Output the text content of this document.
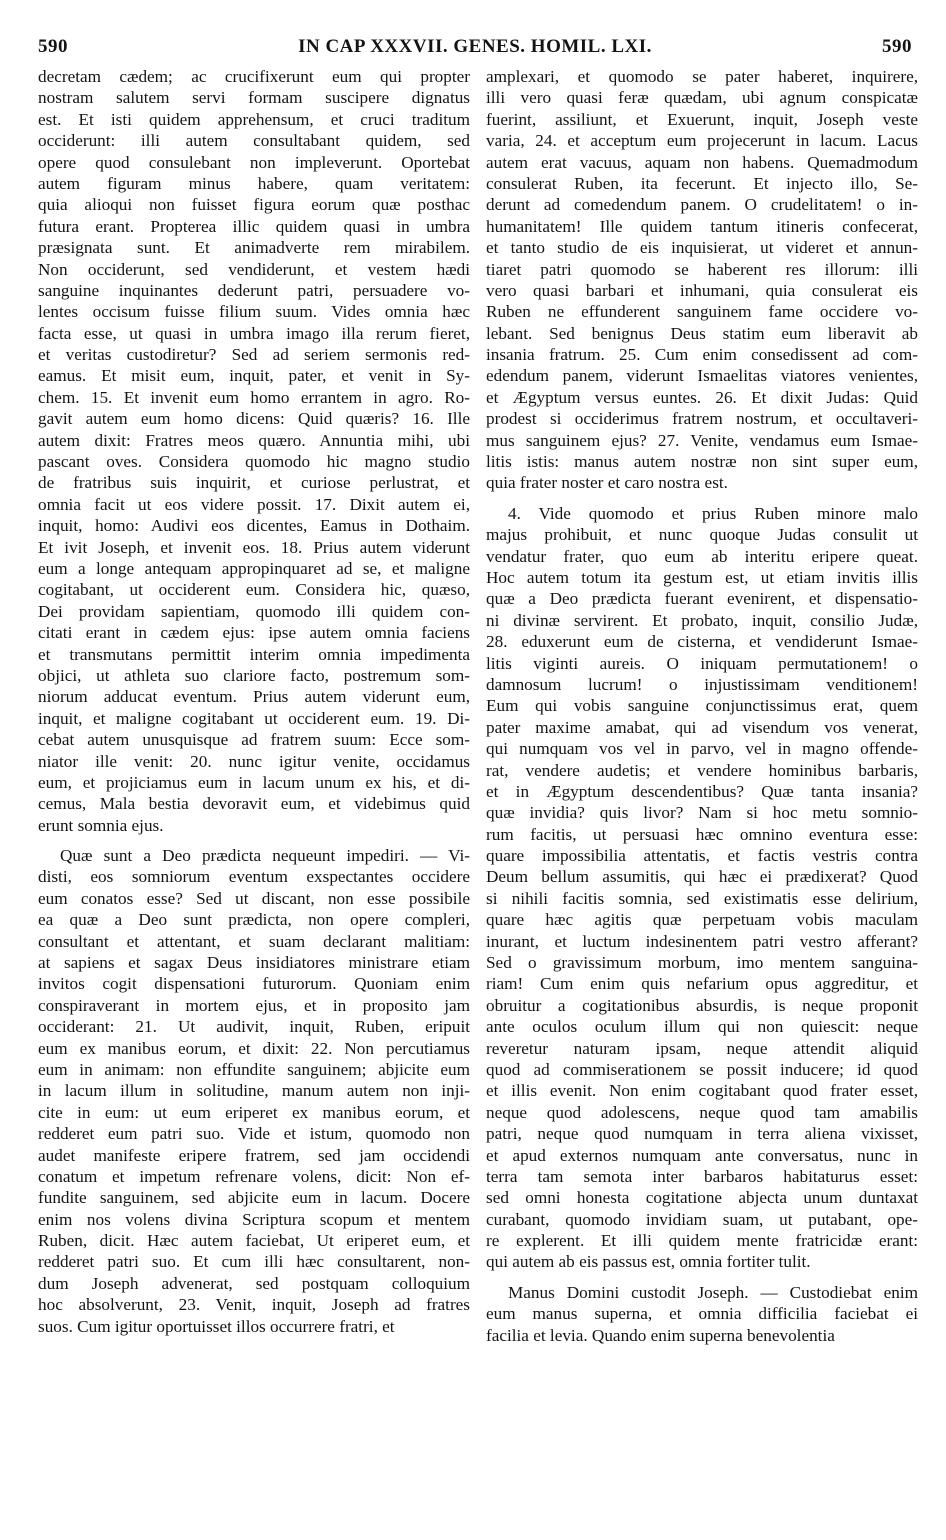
590	IN CAP XXXVII. GENES. HOMIL. LXI.	590
decretam cædem; ac crucifixerunt eum qui propter
nostram salutem servi formam suscipere dignatus
est. Et isti quidem apprehensum, et cruci traditum
occiderunt: illi autem consultabant quidem, sed
opere quod consulebant non impleverunt. Oportebat
autem figuram minus habere, quam veritatem:
quia alioqui non fuisset figura eorum quæ posthac
futura erant. Propterea illic quidem quasi in umbra
præsignata sunt. Et animadverte rem mirabilem.
Non occiderunt, sed vendiderunt, et vestem hædi
sanguine inquinantes dederunt patri, persuadere vo-
lentes occisum fuisse filium suum. Vides omnia hæc
facta esse, ut quasi in umbra imago illa rerum fieret,
et veritas custodiretur? Sed ad seriem sermonis red-
eamus. Et misit eum, inquit, pater, et venit in Sy-
chem. 15. Et invenit eum homo errantem in agro. Ro-
gavit autem eum homo dicens: Quid quæris? 16. Ille
autem dixit: Fratres meos quæro. Annuntia mihi, ubi
pascant oves. Considera quomodo hic magno studio
de fratribus suis inquirit, et curiose perlustrat, et
omnia facit ut eos videre possit. 17. Dixit autem ei,
inquit, homo: Audivi eos dicentes, Eamus in Dothaim.
Et ivit Joseph, et invenit eos. 18. Prius autem viderunt
eum a longe antequam appropinquaret ad se, et maligne
cogitabant, ut occiderent eum. Considera hic, quæso,
Dei providam sapientiam, quomodo illi quidem con-
citati erant in cædem ejus: ipse autem omnia faciens
et transmutans permittit interim omnia impedimenta
objici, ut athleta suo clariore facto, postremum som-
niorum adducat eventum. Prius autem viderunt eum,
inquit, et maligne cogitabant ut occiderent eum. 19. Di-
cebat autem unusquisque ad fratrem suum: Ecce som-
niator ille venit: 20. nunc igitur venite, occidamus
eum, et projiciamus eum in lacum unum ex his, et di-
cemus, Mala bestia devoravit eum, et videbimus quid
erunt somnia ejus.
Quæ sunt a Deo prædicta nequeunt impediri. — Vi-
disti, eos somniorum eventum exspectantes occidere
eum conatos esse? Sed ut discant, non esse possibile
ea quæ a Deo sunt prædicta, non opere compleri,
consultant et attentant, et suam declarant malitiam:
at sapiens et sagax Deus insidiatores ministrare etiam
invitos cogit dispensationi futurorum. Quoniam enim
conspiraverant in mortem ejus, et in proposito jam
occiderant: 21. Ut audivit, inquit, Ruben, eripuit
eum ex manibus eorum, et dixit: 22. Non percutiamus
eum in animam: non effundite sanguinem; abjicite eum
in lacum illum in solitudine, manum autem non inji-
cite in eum: ut eum eriperet ex manibus eorum, et
redderet eum patri suo. Vide et istum, quomodo non
audet manifeste eripere fratrem, sed jam occidendi
conatum et impetum refrenare volens, dicit: Non ef-
fundite sanguinem, sed abjicite eum in lacum. Docere
enim nos volens divina Scriptura scopum et mentem
Ruben, dicit. Hæc autem faciebat, Ut eriperet eum, et
redderet patri suo. Et cum illi hæc consultarent, non-
dum Joseph advenerat, sed postquam colloquium
hoc absolverunt, 23. Venit, inquit, Joseph ad fratres
suos. Cum igitur oportuisset illos occurrere fratri, et
amplexari, et quomodo se pater haberet, inquirere,
illi vero quasi feræ quædam, ubi agnum conspicatæ
fuerint, assiliunt, et Exuerunt, inquit, Joseph veste
varia, 24. et acceptum eum projecerunt in lacum. Lacus
autem erat vacuus, aquam non habens. Quemadmodum
consulerat Ruben, ita fecerunt. Et injecto illo, Se-
derunt ad comedendum panem. O crudelitatem! o in-
humanitatem! Ille quidem tantum itineris confecerat,
et tanto studio de eis inquisierat, ut videret et annun-
tiaret patri quomodo se haberent res illorum: illi
vero quasi barbari et inhumani, quia consulerat eis
Ruben ne effunderent sanguinem fame occidere vo-
lebant. Sed benignus Deus statim eum liberavit ab
insania fratrum. 25. Cum enim consedissent ad com-
edendum panem, viderunt Ismaelitas viatores venientes,
et Ægyptum versus euntes. 26. Et dixit Judas: Quid
prodest si occiderimus fratrem nostrum, et occultaveri-
mus sanguinem ejus? 27. Venite, vendamus eum Ismae-
litis istis: manus autem nostræ non sint super eum,
quia frater noster et caro nostra est.
4. Vide quomodo et prius Ruben minore malo
majus prohibuit, et nunc quoque Judas consulit ut
vendatur frater, quo eum ab interitu eripere queat.
Hoc autem totum ita gestum est, ut etiam invitis illis
quæ a Deo prædicta fuerant evenirent, et dispensatio-
ni divinæ servirent. Et probato, inquit, consilio Judæ,
28. eduxerunt eum de cisterna, et vendiderunt Ismae-
litis viginti aureis. O iniquam permutationem! o
damnosum lucrum! o injustissimam venditionem!
Eum qui vobis sanguine conjunctissimus erat, quem
pater maxime amabat, qui ad visendum vos venerat,
qui numquam vos vel in parvo, vel in magno offende-
rat, vendere audetis; et vendere hominibus barbaris,
et in Ægyptum descendentibus? Quæ tanta insania?
quæ invidia? quis livor? Nam si hoc metu somnio-
rum facitis, ut persuasi hæc omnino eventura esse:
quare impossibilia attentatis, et factis vestris contra
Deum bellum assumitis, qui hæc ei prædixerat? Quod
si nihili facitis somnia, sed existimatis esse delirium,
quare hæc agitis quæ perpetuam vobis maculam
inurant, et luctum indesinentem patri vestro afferant?
Sed o gravissimum morbum, imo mentem sanguina-
riam! Cum enim quis nefarium opus aggreditur, et
obruitur a cogitationibus absurdis, is neque proponit
ante oculos oculum illum qui non quiescit: neque
reveretur naturam ipsam, neque attendit aliquid
quod ad commiserationem se possit inducere; id quod
et illis evenit. Non enim cogitabant quod frater esset,
neque quod adolescens, neque quod tam amabilis
patri, neque quod numquam in terra aliena vixisset,
et apud externos numquam ante conversatus, nunc in
terra tam semota inter barbaros habitaturus esset:
sed omni honesta cogitatione abjecta unum duntaxat
curabant, quomodo invidiam suam, ut putabant, ope-
re explerent. Et illi quidem mente fratricidæ erant:
qui autem ab eis passus est, omnia fortiter tulit.
Manus Domini custodit Joseph. — Custodiebat enim
eum manus superna, et omnia difficilia faciebat ei
facilia et levia. Quando enim superna benevolentia
